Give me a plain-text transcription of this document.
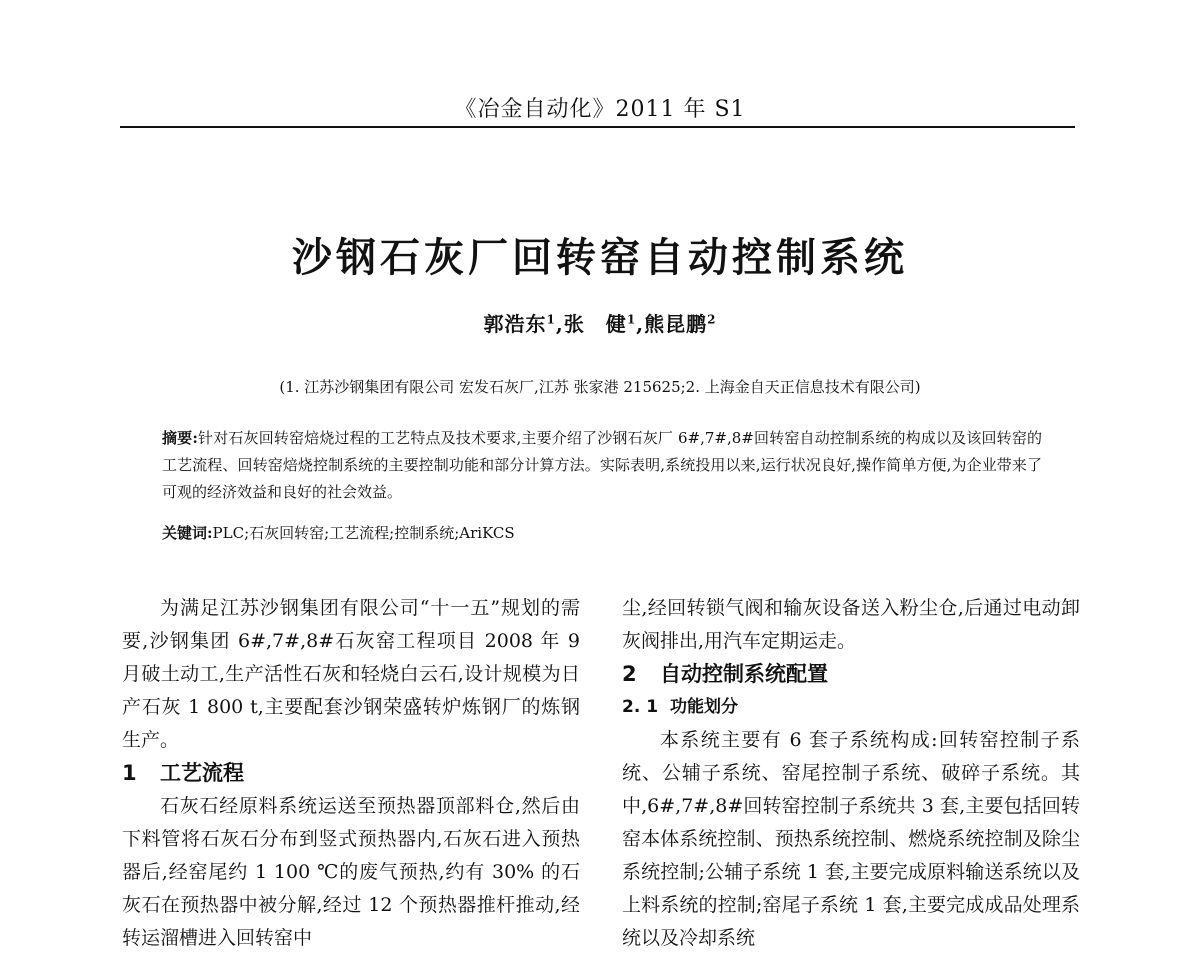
《冶金自动化》2011 年 S1
沙钢石灰厂回转窑自动控制系统
郭浩东$^1$,张　健$^1$,熊昆鹏$^2$
(1. 江苏沙钢集团有限公司 宏发石灰厂,江苏 张家港 215625;2. 上海金自天正信息技术有限公司)
摘要:针对石灰回转窑焙烧过程的工艺特点及技术要求,主要介绍了沙钢石灰厂 6#,7#,8#回转窑自动控制系统的构成以及该回转窑的工艺流程、回转窑焙烧控制系统的主要控制功能和部分计算方法。实际表明,系统投用以来,运行状况良好,操作简单方便,为企业带来了可观的经济效益和良好的社会效益。
关键词:PLC;石灰回转窑;工艺流程;控制系统;AriKCS

为满足江苏沙钢集团有限公司“十一五”规划的需要,沙钢集团 6#,7#,8#石灰窑工程项目 2008 年 9 月破土动工,生产活性石灰和轻烧白云石,设计规模为日产石灰 1 800 t,主要配套沙钢荣盛转炉炼钢厂的炼钢生产。

1 工艺流程

石灰石经原料系统运送至预热器顶部料仓,然后由下料管将石灰石分布到竖式预热器内,石灰石进入预热器后,经窑尾约 1 100 ℃的废气预热,约有 30% 的石灰石在预热器中被分解,经过 12 个预热器推杆推动,经转运溜槽进入回转窑中

尘,经回转锁气阀和输灰设备送入粉尘仓,后通过电动卸灰阀排出,用汽车定期运走。

2 自动控制系统配置
2. 1 功能划分

本系统主要有 6 套子系统构成:回转窑控制子系统、公辅子系统、窑尾控制子系统、破碎子系统。其中,6#,7#,8#回转窑控制子系统共 3 套,主要包括回转窑本体系统控制、预热系统控制、燃烧系统控制及除尘系统控制;公辅子系统 1 套,主要完成原料输送系统以及上料系统的控制;窑尾子系统 1 套,主要完成成品处理系统以及冷却系统
